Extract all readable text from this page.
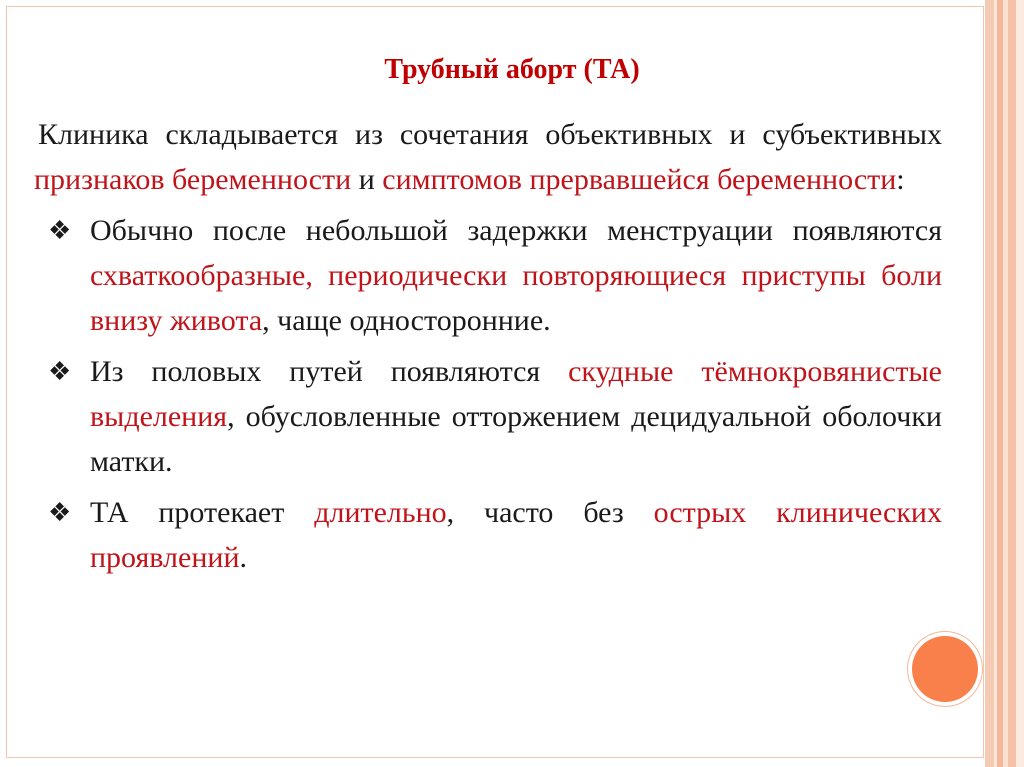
Трубный аборт (ТА)

Клиника складывается из сочетания объективных и субъективных признаков беременности и симптомов прервавшейся беременности:

❖ Обычно после небольшой задержки менструации появляются схваткообразные, периодически повторяющиеся приступы боли внизу живота, чаще односторонние.
❖ Из половых путей появляются скудные тёмнокровянистые выделения, обусловленные отторжением децидуальной оболочки матки.
❖ ТА протекает длительно, часто без острых клинических проявлений.
